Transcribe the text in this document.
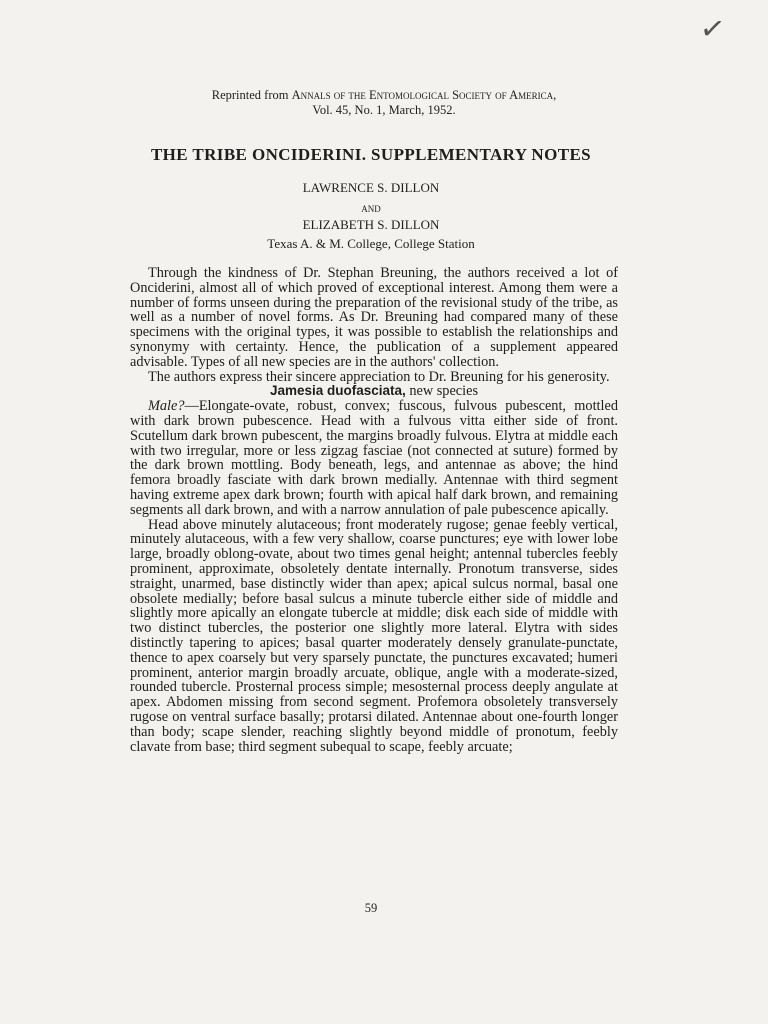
✓
Reprinted from Annals of the Entomological Society of America,
Vol. 45, No. 1, March, 1952.
THE TRIBE ONCIDERINI. SUPPLEMENTARY NOTES
LAWRENCE S. DILLON
AND
ELIZABETH S. DILLON
Texas A. & M. College, College Station

Through the kindness of Dr. Stephan Breuning, the authors received a lot of Onciderini, almost all of which proved of exceptional interest. Among them were a number of forms unseen during the preparation of the revisional study of the tribe, as well as a number of novel forms. As Dr. Breuning had compared many of these specimens with the original types, it was possible to establish the relationships and synonymy with certainty. Hence, the publication of a supplement appeared advisable. Types of all new species are in the authors' collection.

The authors express their sincere appreciation to Dr. Breuning for his generosity.

Jamesia duofasciata, new species

Male?—Elongate-ovate, robust, convex; fuscous, fulvous pubescent, mottled with dark brown pubescence. Head with a fulvous vitta either side of front. Scutellum dark brown pubescent, the margins broadly fulvous. Elytra at middle each with two irregular, more or less zigzag fasciae (not connected at suture) formed by the dark brown mottling. Body beneath, legs, and antennae as above; the hind femora broadly fasciate with dark brown medially. Antennae with third segment having extreme apex dark brown; fourth with apical half dark brown, and remaining segments all dark brown, and with a narrow annulation of pale pubescence apically.

Head above minutely alutaceous; front moderately rugose; genae feebly vertical, minutely alutaceous, with a few very shallow, coarse punctures; eye with lower lobe large, broadly oblong-ovate, about two times genal height; antennal tubercles feebly prominent, approximate, obsoletely dentate internally. Pronotum transverse, sides straight, unarmed, base distinctly wider than apex; apical sulcus normal, basal one obsolete medially; before basal sulcus a minute tubercle either side of middle and slightly more apically an elongate tubercle at middle; disk each side of middle with two distinct tubercles, the posterior one slightly more lateral. Elytra with sides distinctly tapering to apices; basal quarter moderately densely granulate-punctate, thence to apex coarsely but very sparsely punctate, the punctures excavated; humeri prominent, anterior margin broadly arcuate, oblique, angle with a moderate-sized, rounded tubercle. Prosternal process simple; mesosternal process deeply angulate at apex. Abdomen missing from second segment. Profemora obsoletely transversely rugose on ventral surface basally; protarsi dilated. Antennae about one-fourth longer than body; scape slender, reaching slightly beyond middle of pronotum, feebly clavate from base; third segment subequal to scape, feebly arcuate;

59
